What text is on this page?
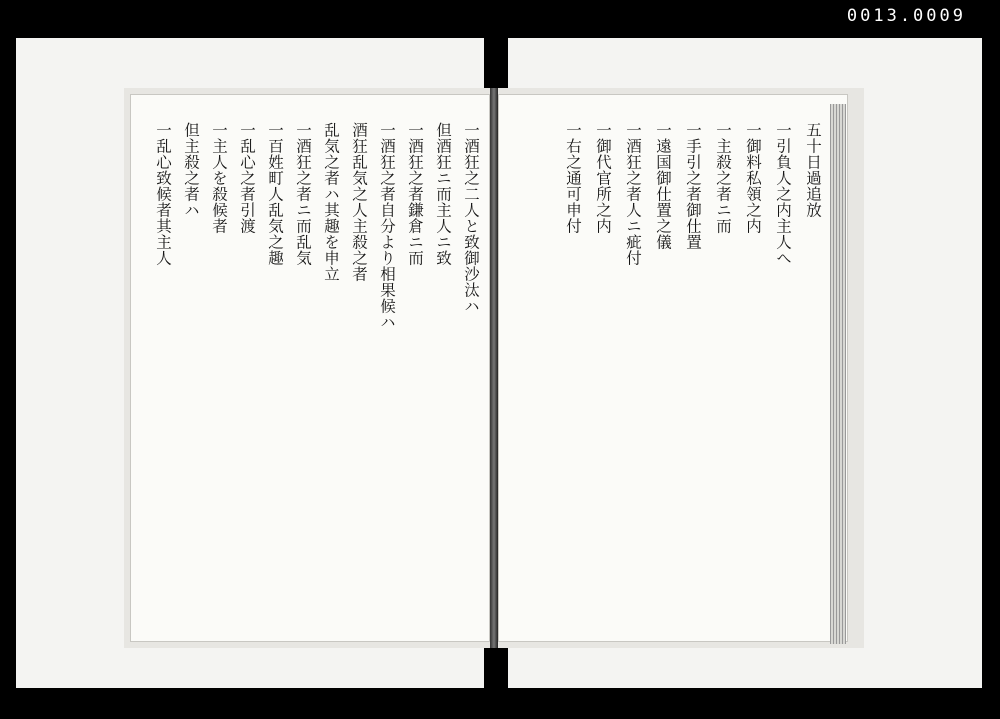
0013.0009
一酒狂之二人と致御沙汰ハ
但酒狂ニ而主人ニ致
一酒狂之者鎌倉ニ而
一酒狂之者自分より相果候ハ
酒狂乱気之人主殺之者
乱気之者ハ其趣を申立
一酒狂之者ニ而乱気
一百姓町人乱気之趣
一乱心之者引渡
一主人を殺候者
但主殺之者ハ
一乱心致候者其主人	五十日過追放
一引負人之内主人へ
一御料私領之内
一主殺之者ニ而
一手引之者御仕置
一遠国御仕置之儀
一酒狂之者人ニ疵付
一御代官所之内
一右之通可申付
